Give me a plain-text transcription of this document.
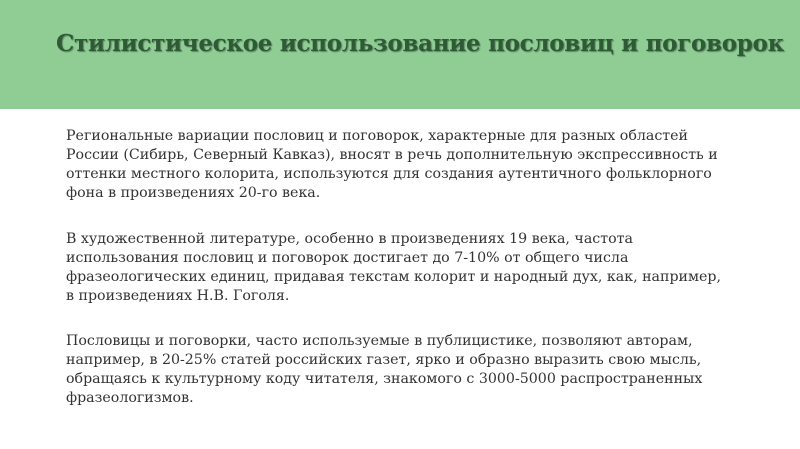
Стилистическое использование пословиц и поговорок

Региональные вариации пословиц и поговорок, характерные для разных областей
России (Сибирь, Северный Кавказ), вносят в речь дополнительную экспрессивность и
оттенки местного колорита, используются для создания аутентичного фольклорного
фона в произведениях 20-го века.

В художественной литературе, особенно в произведениях 19 века, частота
использования пословиц и поговорок достигает до 7-10% от общего числа
фразеологических единиц, придавая текстам колорит и народный дух, как, например,
в произведениях Н.В. Гоголя.

Пословицы и поговорки, часто используемые в публицистике, позволяют авторам,
например, в 20-25% статей российских газет, ярко и образно выразить свою мысль,
обращаясь к культурному коду читателя, знакомого с 3000-5000 распространенных
фразеологизмов.
